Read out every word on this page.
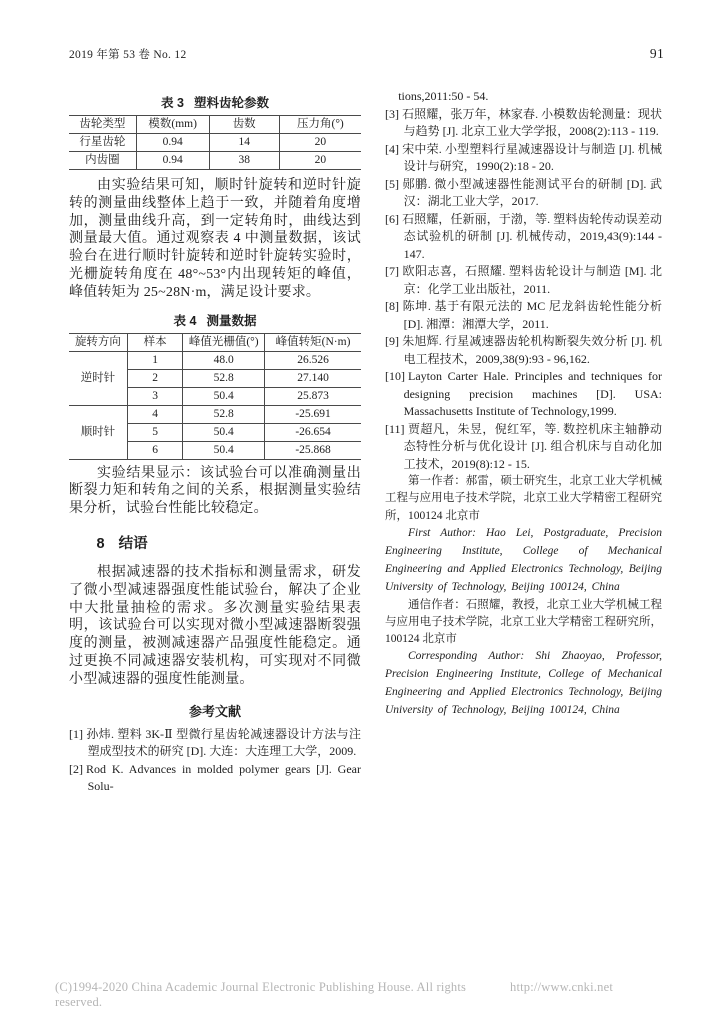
2019 年第 53 卷 No. 12	91
表 3 塑料齿轮参数
齿轮类型	模数(mm)	齿数	压力角(°)
行星齿轮	0.94	14	20
内齿圈	0.94	38	20

由实验结果可知，顺时针旋转和逆时针旋转的测量曲线整体上趋于一致，并随着角度增加，测量曲线升高，到一定转角时，曲线达到测量最大值。通过观察表 4 中测量数据，该试验台在进行顺时针旋转和逆时针旋转实验时，光栅旋转角度在 48°~53°内出现转矩的峰值，峰值转矩为 25~28N·m，满足设计要求。

表 4 测量数据
旋转方向	样本	峰值光栅值(°)	峰值转矩(N·m)
逆时针	1	48.0	26.526
	2	52.8	27.140
	3	50.4	25.873
顺时针	4	52.8	-25.691
	5	50.4	-26.654
	6	50.4	-25.868

实验结果显示：该试验台可以准确测量出断裂力矩和转角之间的关系，根据测量实验结果分析，试验台性能比较稳定。

8 结语

根据减速器的技术指标和测量需求，研发了微小型减速器强度性能试验台，解决了企业中大批量抽检的需求。多次测量实验结果表明，该试验台可以实现对微小型减速器断裂强度的测量，被测减速器产品强度性能稳定。通过更换不同减速器安装机构，可实现对不同微小型减速器的强度性能测量。

参考文献

[1] 孙炜. 塑料 3K-Ⅱ 型微行星齿轮减速器设计方法与注塑成型技术的研究 [D]. 大连：大连理工大学，2009.

[2] Rod K. Advances in molded polymer gears [J]. Gear Solu-

tions,2011:50 - 54.

[3] 石照耀，张万年，林家春. 小模数齿轮测量：现状与趋势 [J]. 北京工业大学学报，2008(2):113 - 119.

[4] 宋中荣. 小型塑料行星减速器设计与制造 [J]. 机械设计与研究，1990(2):18 - 20.

[5] 郧鹏. 微小型减速器性能测试平台的研制 [D]. 武汉：湖北工业大学，2017.

[6] 石照耀，任新丽，于渤，等. 塑料齿轮传动误差动态试验机的研制 [J]. 机械传动，2019,43(9):144 - 147.

[7] 欧阳志喜，石照耀. 塑料齿轮设计与制造 [M]. 北京：化学工业出版社，2011.

[8] 陈坤. 基于有限元法的 MC 尼龙斜齿轮性能分析 [D]. 湘潭：湘潭大学，2011.

[9] 朱旭辉. 行星减速器齿轮机构断裂失效分析 [J]. 机电工程技术，2009,38(9):93 - 96,162.

[10] Layton Carter Hale. Principles and techniques for designing precision machines [D]. USA: Massachusetts Institute of Technology,1999.

[11] 贾超凡，朱昱，倪红军，等. 数控机床主轴静动态特性分析与优化设计 [J]. 组合机床与自动化加工技术，2019(8):12 - 15.

第一作者：郝雷，硕士研究生，北京工业大学机械工程与应用电子技术学院，北京工业大学精密工程研究所，100124 北京市

First Author: Hao Lei, Postgraduate, Precision Engineering Institute, College of Mechanical Engineering and Applied Electronics Technology, Beijing University of Technology, Beijing 100124, China

通信作者：石照耀，教授，北京工业大学机械工程与应用电子技术学院，北京工业大学精密工程研究所，100124 北京市

Corresponding Author: Shi Zhaoyao, Professor, Precision Engineering Institute, College of Mechanical Engineering and Applied Electronics Technology, Beijing University of Technology, Beijing 100124, China

(C)1994-2020 China Academic Journal Electronic Publishing House. All rights reserved.
http://www.cnki.net
